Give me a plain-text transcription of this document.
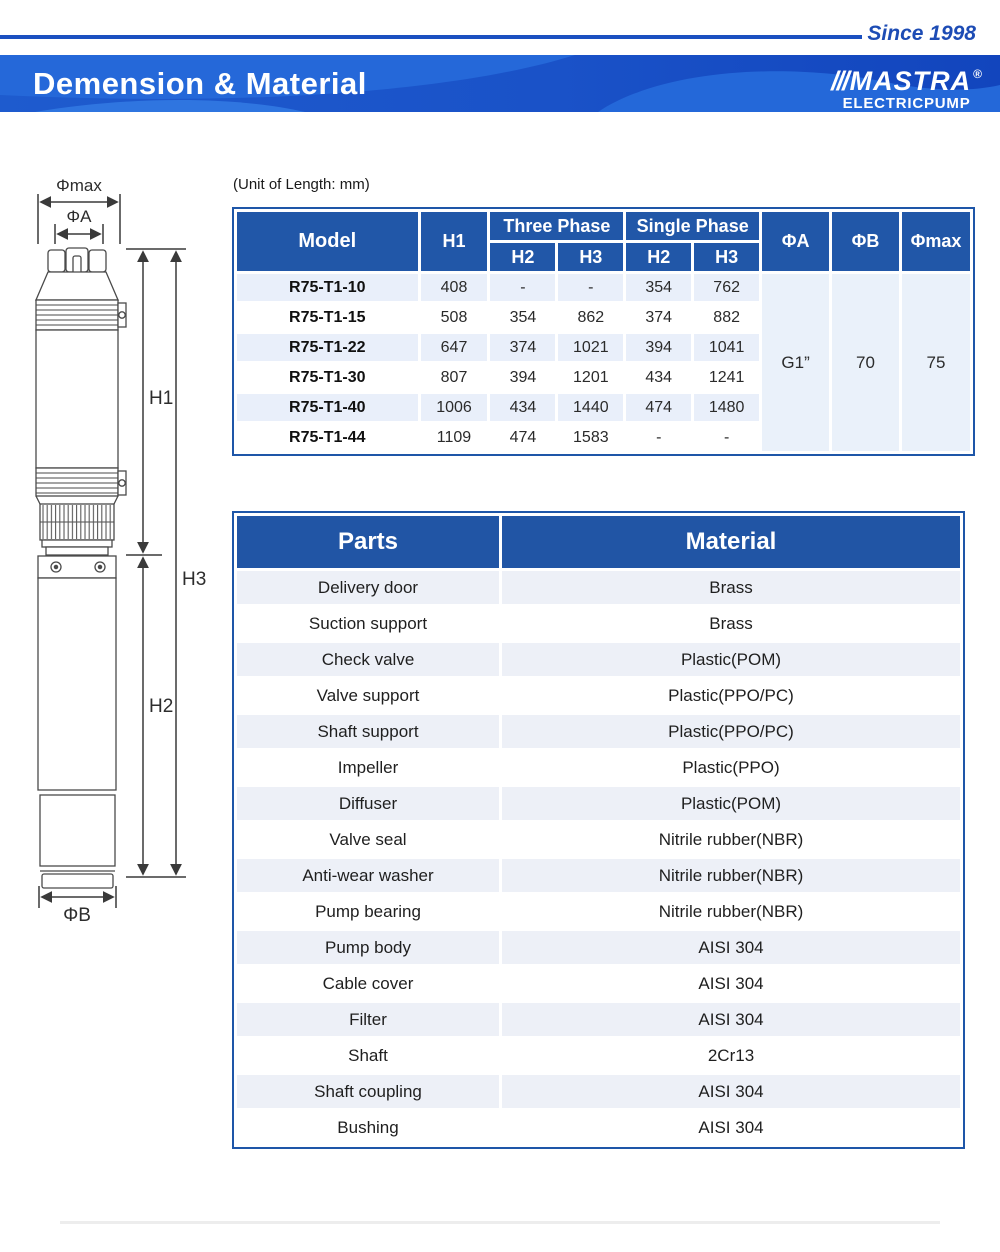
Since 1998
Demension & Material	///MASTRA ®
ELECTRICPUMP
(Unit of Length: mm)
Φmax
ΦA
H1
H3
H2
ΦB
Model	H1	Three Phase		Single Phase		ΦA	ΦB	Φmax
		H2	H3	H2	H3			
R75-T1-10	408	-	-	354	762	G1”	70	75
R75-T1-15	508	354	862	374	882			
R75-T1-22	647	374	1021	394	1041			
R75-T1-30	807	394	1201	434	1241			
R75-T1-40	1006	434	1440	474	1480			
R75-T1-44	1109	474	1583	-	-			
Parts	Material
Delivery door	Brass
Suction support	Brass
Check valve	Plastic(POM)
Valve support	Plastic(PPO/PC)
Shaft support	Plastic(PPO/PC)
Impeller	Plastic(PPO)
Diffuser	Plastic(POM)
Valve seal	Nitrile rubber(NBR)
Anti-wear washer	Nitrile rubber(NBR)
Pump bearing	Nitrile rubber(NBR)
Pump body	AISI 304
Cable cover	AISI 304
Filter	AISI 304
Shaft	2Cr13
Shaft coupling	AISI 304
Bushing	AISI 304
